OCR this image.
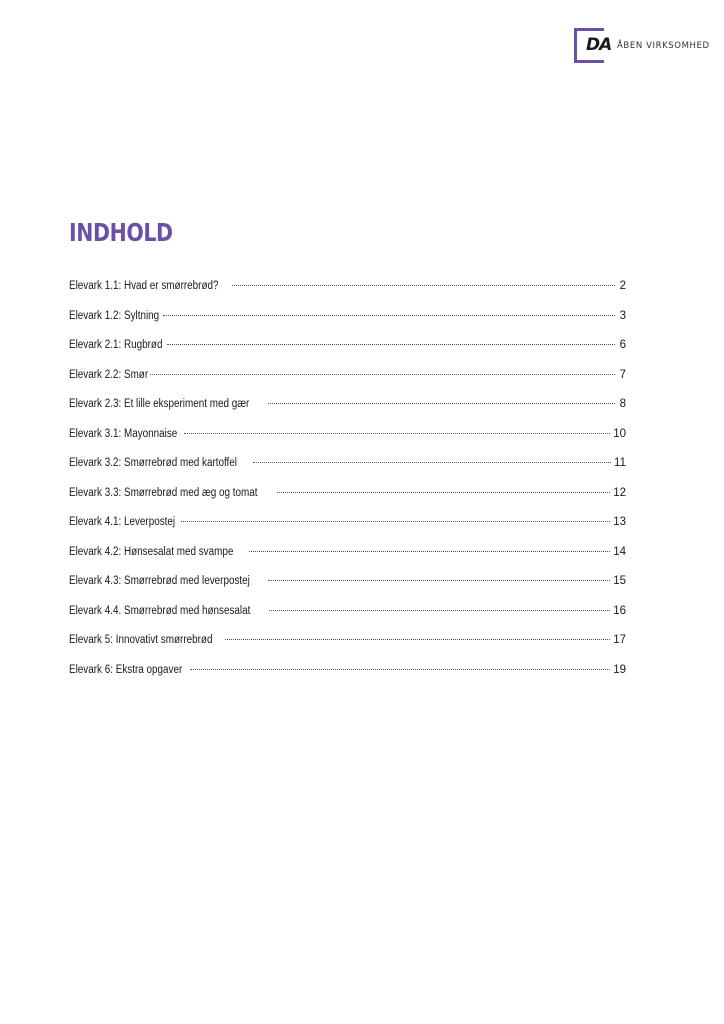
DA ÅBEN VIRKSOMHED
INDHOLD
Elevark 1.1: Hvad er smørrebrød?	2
Elevark 1.2: Syltning	3
Elevark 2.1: Rugbrød	6
Elevark 2.2: Smør	7
Elevark 2.3: Et lille eksperiment med gær	8
Elevark 3.1: Mayonnaise	10
Elevark 3.2: Smørrebrød med kartoffel	11
Elevark 3.3: Smørrebrød med æg og tomat	12
Elevark 4.1: Leverpostej	13
Elevark 4.2: Hønsesalat med svampe	14
Elevark 4.3: Smørrebrød med leverpostej	15
Elevark 4.4. Smørrebrød med hønsesalat	16
Elevark 5: Innovativt smørrebrød	17
Elevark 6: Ekstra opgaver	19
